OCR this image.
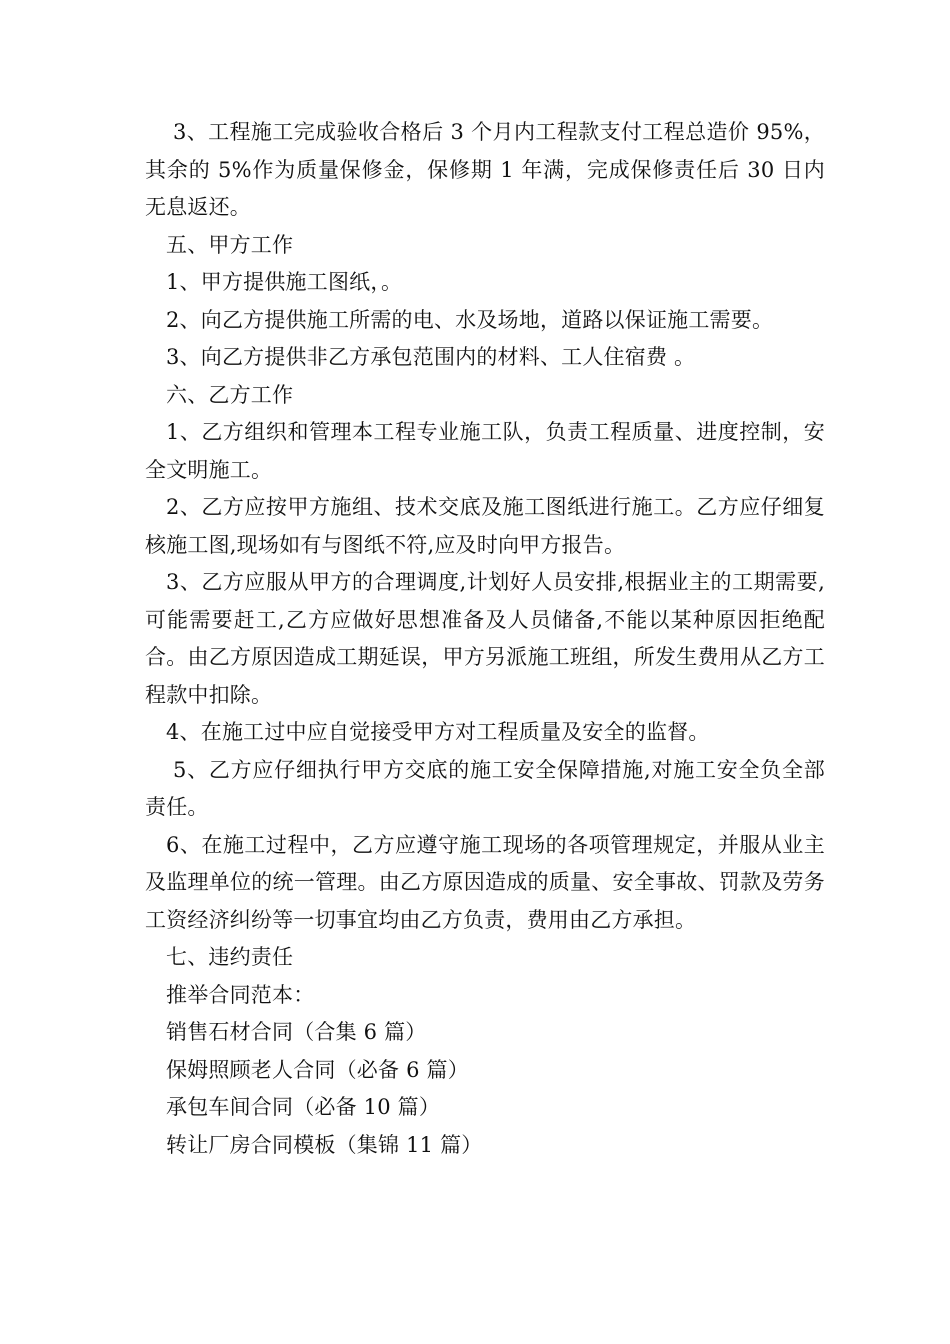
3、工程施工完成验收合格后 3 个月内工程款支付工程总造价 95%，其余的 5%作为质量保修金，保修期 1 年满，完成保修责任后 30 日内无息返还。

五、甲方工作

1、甲方提供施工图纸，。

2、向乙方提供施工所需的电、水及场地，道路以保证施工需要。

3、向乙方提供非乙方承包范围内的材料、工人住宿费 。

六、乙方工作

1、乙方组织和管理本工程专业施工队，负责工程质量、进度控制，安全文明施工。

2、乙方应按甲方施组、技术交底及施工图纸进行施工。乙方应仔细复核施工图,现场如有与图纸不符,应及时向甲方报告。

3、乙方应服从甲方的合理调度,计划好人员安排,根据业主的工期需要,可能需要赶工,乙方应做好思想准备及人员储备,不能以某种原因拒绝配合。由乙方原因造成工期延误，甲方另派施工班组，所发生费用从乙方工程款中扣除。

4、在施工过中应自觉接受甲方对工程质量及安全的监督。

5、乙方应仔细执行甲方交底的施工安全保障措施,对施工安全负全部责任。

6、在施工过程中，乙方应遵守施工现场的各项管理规定，并服从业主及监理单位的统一管理。由乙方原因造成的质量、安全事故、罚款及劳务工资经济纠纷等一切事宜均由乙方负责，费用由乙方承担。

七、违约责任

推举合同范本：

销售石材合同（合集 6 篇）

保姆照顾老人合同（必备 6 篇）

承包车间合同（必备 10 篇）

转让厂房合同模板（集锦 11 篇）
